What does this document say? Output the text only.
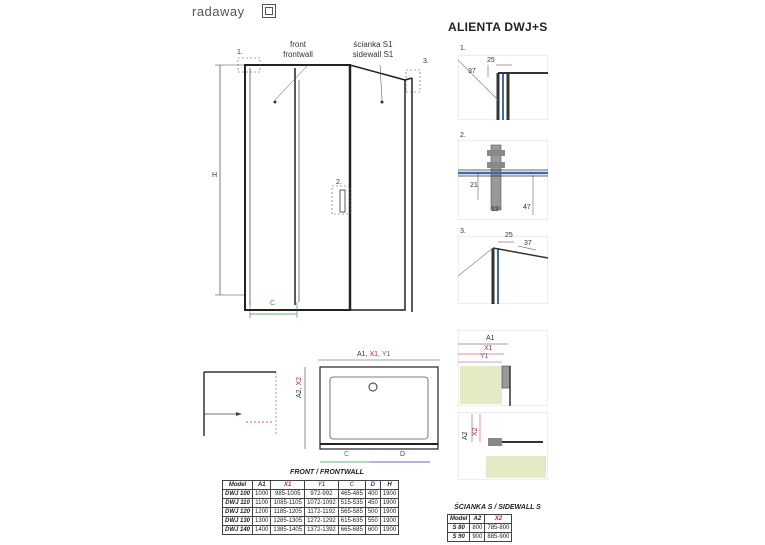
radaway
ALIENTA DWJ+S
front
frontwall
ścianka S1
sidewall S1
1.
3.
2.
H
C
1.
25
37
2.
21
12	47
3.
25
37
A1, X1, Y1
A2, X2
C	D
A1
X1
Y1
A2 X2
FRONT / FRONTWALL
Model	A1	X1	Y1	C	D	H
DWJ 100	1000	985-1005	972-992	465-485	400	1900
DWJ 110	1100	1085-1105	1072-1092	515-535	450	1900
DWJ 120	1200	1185-1205	1172-1192	565-585	500	1900
DWJ 130	1300	1285-1305	1272-1292	615-635	550	1900
DWJ 140	1400	1385-1405	1372-1392	665-685	600	1900
ŚCIANKA S / SIDEWALL S
Model	A2	X2
S 80	800	785-800
S 90	900	885-900
